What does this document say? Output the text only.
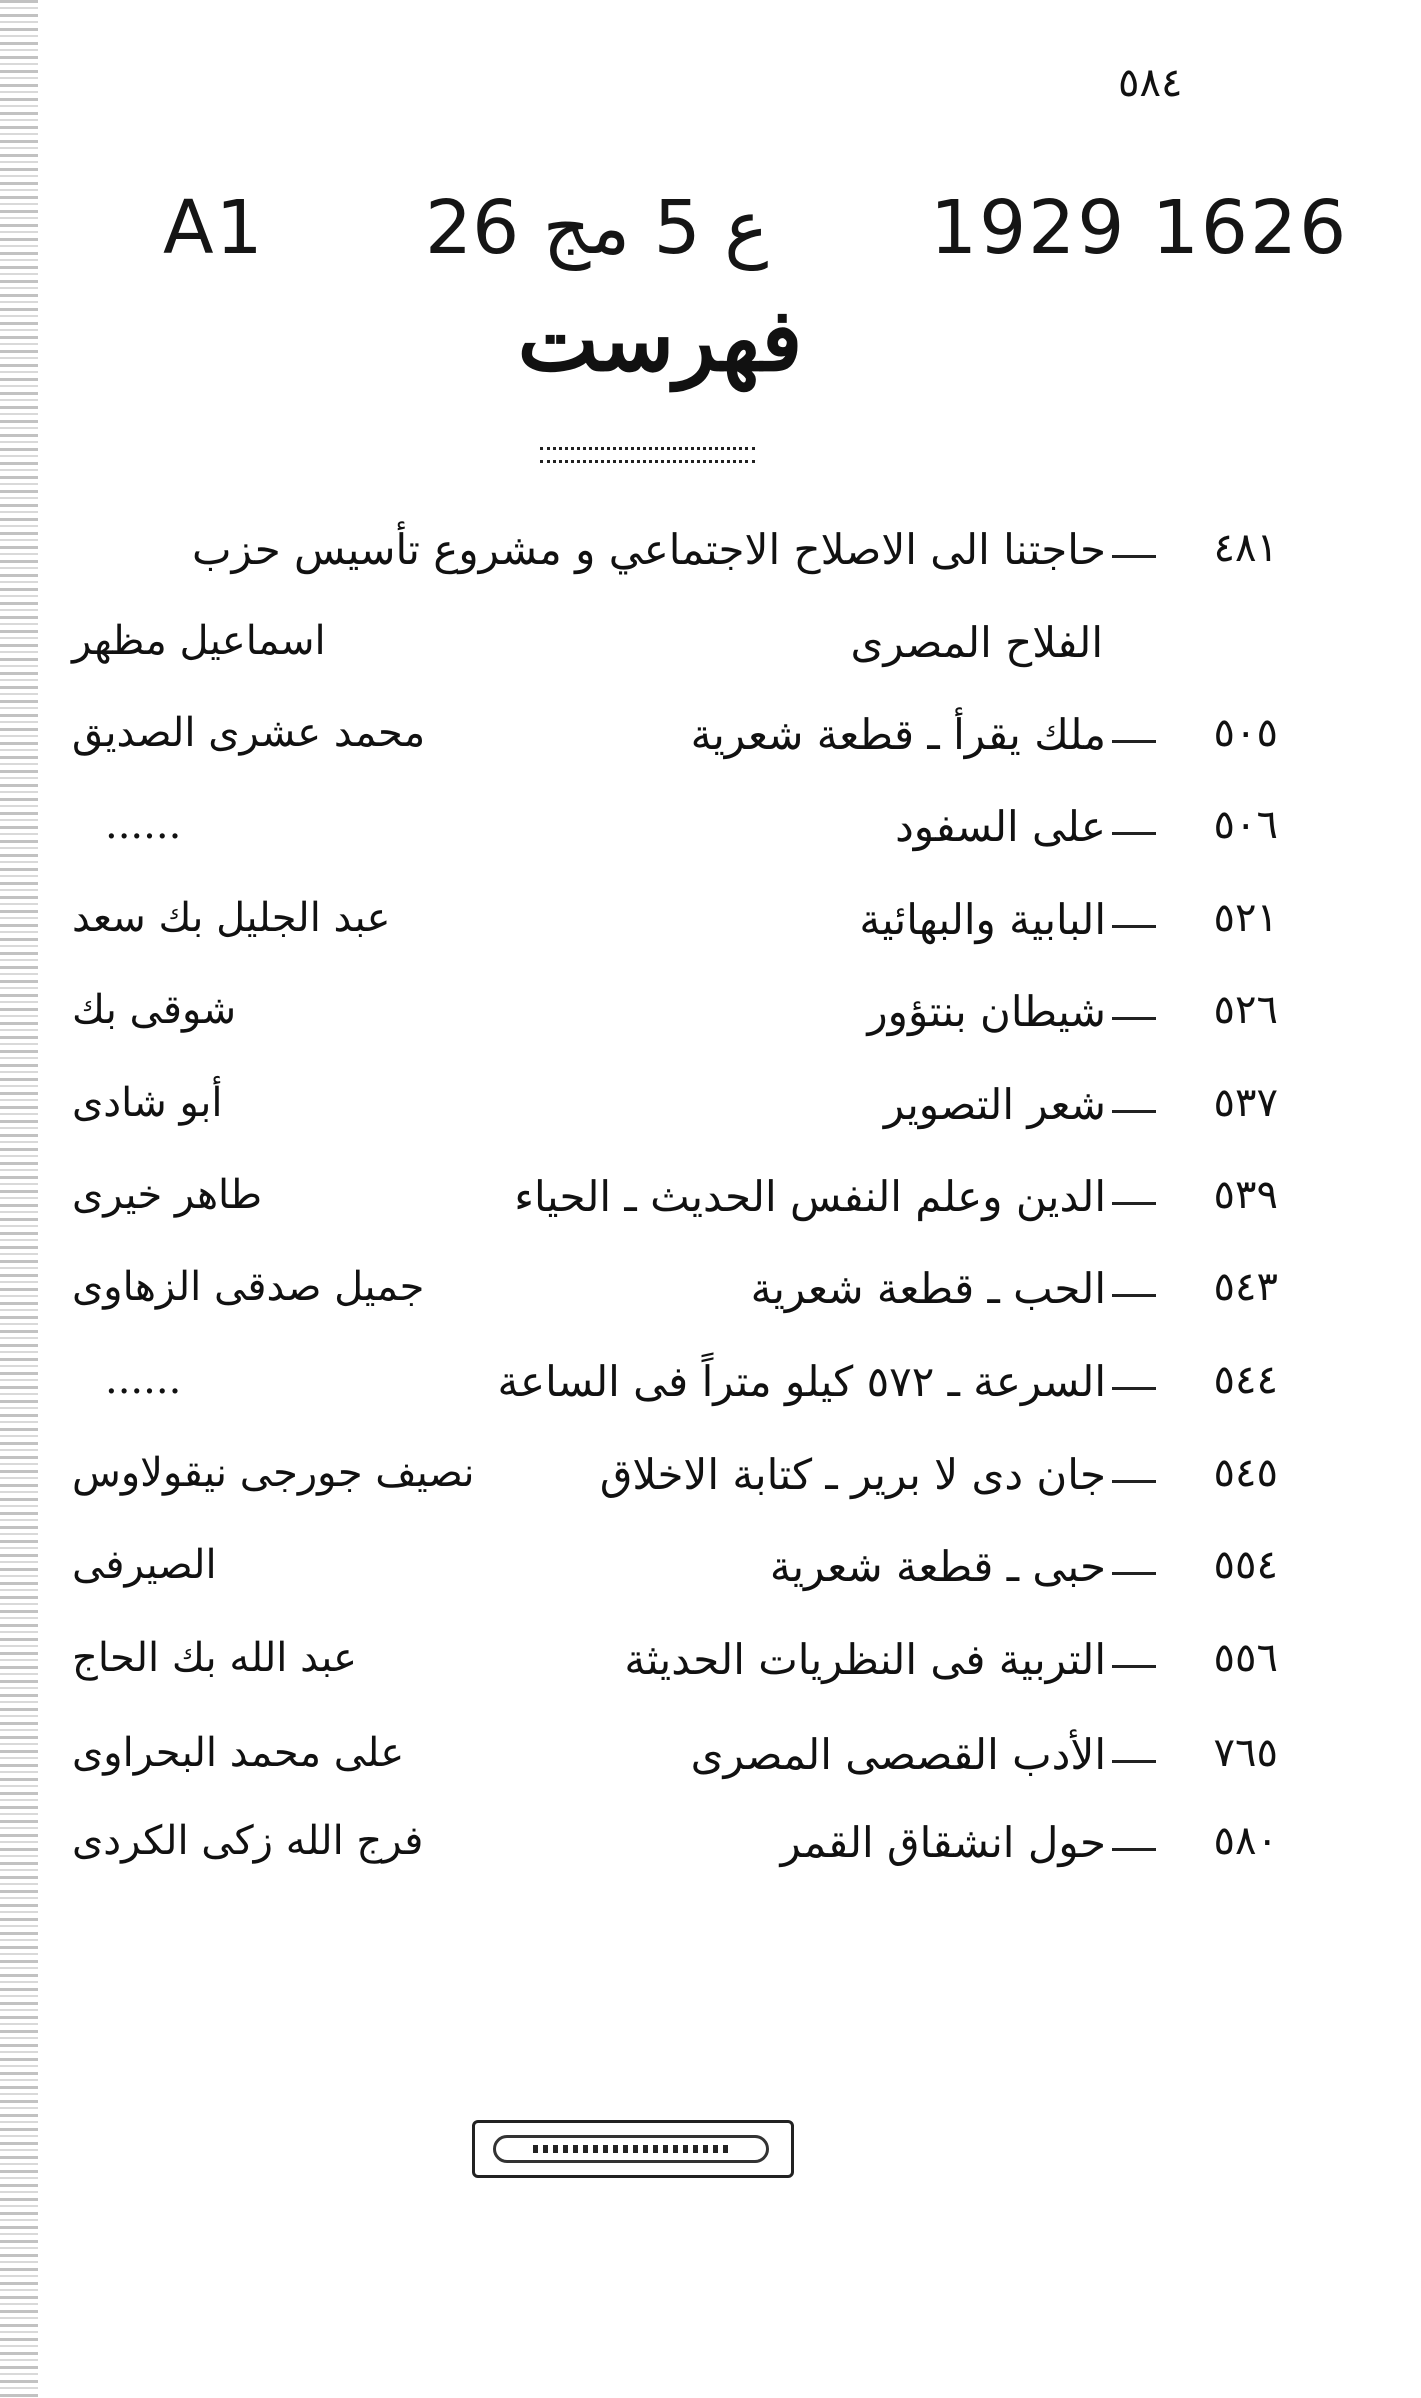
٥٨٤
A1 26 ع 5 مج 1929 1626
فهرست
٤٨١
حاجتنا الى الاصلاح الاجتماعي و مشروع تأسيس حزب
الفلاح المصرى
اسماعيل مظهر
٥٠٥
ملك يقرأ ـ قطعة شعرية
محمد عشرى الصديق
٥٠٦
على السفود
......
٥٢١
البابية والبهائية
عبد الجليل بك سعد
٥٢٦
شيطان بنتؤور
شوقى بك
٥٣٧
شعر التصوير
أبو شادى
٥٣٩
الدين وعلم النفس الحديث ـ الحياء
طاهر خيرى
٥٤٣
الحب ـ قطعة شعرية
جميل صدقى الزهاوى
٥٤٤
السرعة ـ ٥٧٢ كيلو متراً فى الساعة
......
٥٤٥
جان دى لا برير ـ كتابة الاخلاق
نصيف جورجى نيقولاوس
٥٥٤
حبى ـ قطعة شعرية
الصيرفى
٥٥٦
التربية فى النظريات الحديثة
عبد الله بك الحاج
٧٦٥
الأدب القصصى المصرى
على محمد البحراوى
٥٨٠
حول انشقاق القمر
فرج الله زكى الكردى
